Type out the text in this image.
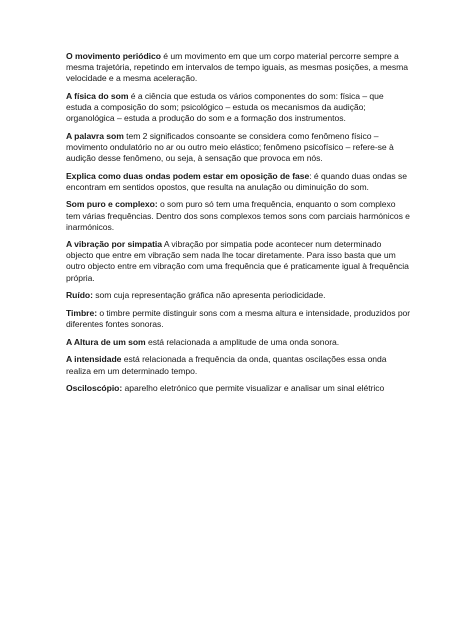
O movimento periódico é um movimento em que um corpo material percorre sempre a mesma trajetória, repetindo em intervalos de tempo iguais, as mesmas posições, a mesma velocidade e a mesma aceleração.

A física do som é a ciência que estuda os vários componentes do som: física – que estuda a composição do som; psicológico – estuda os mecanismos da audição; organológica – estuda a produção do som e a formação dos instrumentos.

A palavra som tem 2 significados consoante se considera como fenômeno físico – movimento ondulatório no ar ou outro meio elástico; fenômeno psicofísico – refere-se à audição desse fenômeno, ou seja, à sensação que provoca em nós.

Explica como duas ondas podem estar em oposição de fase: é quando duas ondas se encontram em sentidos opostos, que resulta na anulação ou diminuição do som.

Som puro e complexo: o som puro só tem uma frequência, enquanto o som complexo tem várias frequências. Dentro dos sons complexos temos sons com parciais harmónicos e inarmónicos.

A vibração por simpatia A vibração por simpatia pode acontecer num determinado objecto que entre em vibração sem nada lhe tocar diretamente. Para isso basta que um outro objecto entre em vibração com uma frequência que é praticamente igual à frequência própria.

Ruído: som cuja representação gráfica não apresenta periodicidade.

Timbre: o timbre permite distinguir sons com a mesma altura e intensidade, produzidos por diferentes fontes sonoras.

A Altura de um som está relacionada a amplitude de uma onda sonora.

A intensidade está relacionada a frequência da onda, quantas oscilações essa onda realiza em um determinado tempo.

Osciloscópio: aparelho eletrónico que permite visualizar e analisar um sinal elétrico
